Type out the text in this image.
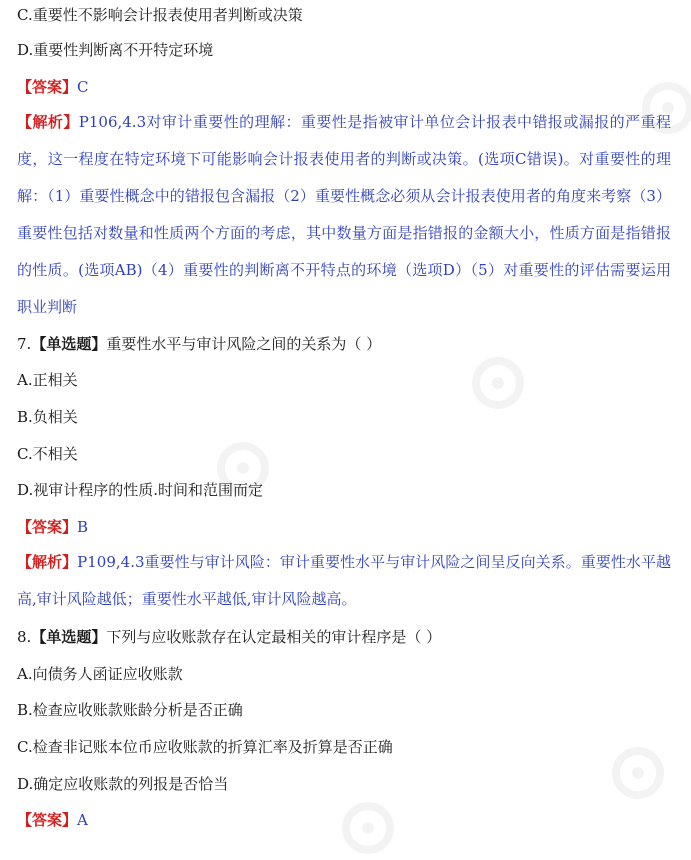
C.重要性不影响会计报表使用者判断或决策
D.重要性判断离不开特定环境
【答案】C
【解析】P106,4.3对审计重要性的理解：重要性是指被审计单位会计报表中错报或漏报的严重程度，这一程度在特定环境下可能影响会计报表使用者的判断或决策。(选项C错误)。对重要性的理解：（1）重要性概念中的错报包含漏报（2）重要性概念必须从会计报表使用者的角度来考察（3）重要性包括对数量和性质两个方面的考虑，其中数量方面是指错报的金额大小，性质方面是指错报的性质。(选项AB)（4）重要性的判断离不开特点的环境（选项D）（5）对重要性的评估需要运用职业判断
7.【单选题】重要性水平与审计风险之间的关系为（ ）
A.正相关
B.负相关
C.不相关
D.视审计程序的性质.时间和范围而定
【答案】B
【解析】P109,4.3重要性与审计风险：审计重要性水平与审计风险之间呈反向关系。重要性水平越高,审计风险越低；重要性水平越低,审计风险越高。
8.【单选题】下列与应收账款存在认定最相关的审计程序是（ ）
A.向债务人函证应收账款
B.检查应收账款账龄分析是否正确
C.检查非记账本位币应收账款的折算汇率及折算是否正确
D.确定应收账款的列报是否恰当
【答案】A
